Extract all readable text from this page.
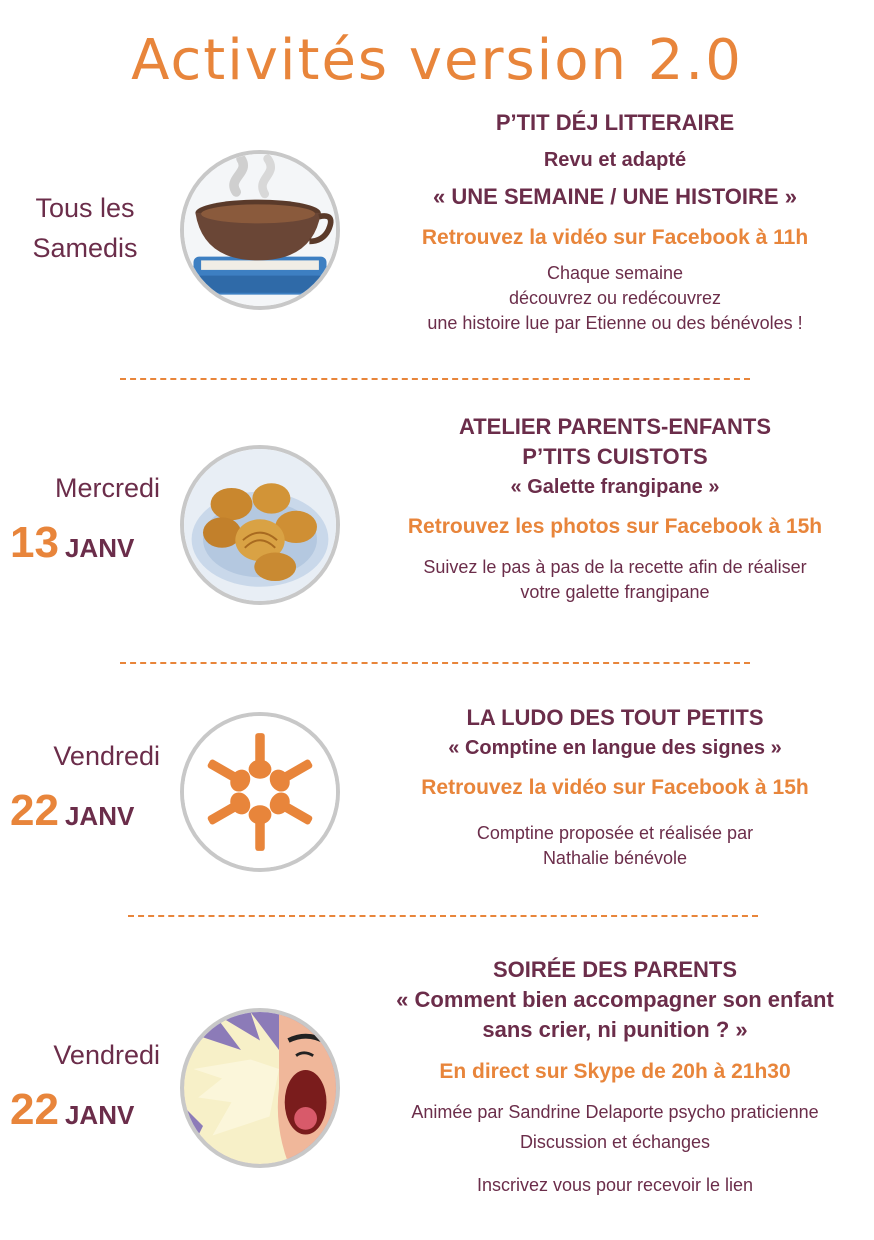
Activités version 2.0
Tous les
Samedis
P’TIT DÉJ LITTERAIRE
Revu et adapté
« UNE SEMAINE / UNE HISTOIRE »
Retrouvez la vidéo sur Facebook à 11h
Chaque semaine
découvrez ou redécouvrez
une histoire lue par Etienne ou des bénévoles !
Mercredi
13 JANV
ATELIER PARENTS-ENFANTS
P’TITS CUISTOTS
« Galette frangipane »
Retrouvez les photos sur Facebook à 15h
Suivez le pas à pas de la recette afin de réaliser
votre galette frangipane
Vendredi
22 JANV
LA LUDO DES TOUT PETITS
« Comptine en langue des signes »
Retrouvez la vidéo sur Facebook à 15h
Comptine proposée et réalisée par
Nathalie bénévole
Vendredi
22 JANV
SOIRÉE DES PARENTS
« Comment bien accompagner son enfant
sans crier, ni punition ? »
En direct sur Skype de 20h à 21h30
Animée par Sandrine Delaporte psycho praticienne
Discussion et échanges
Inscrivez vous pour recevoir le lien
